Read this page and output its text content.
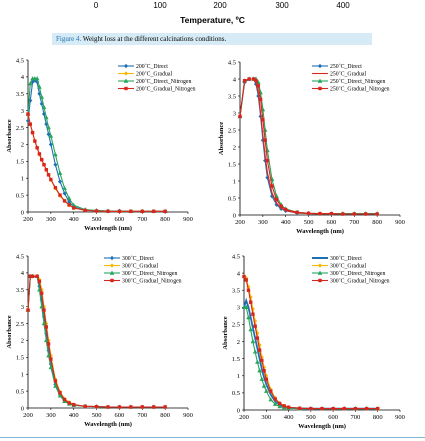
0	100	200	300	400
Temperature, ºC
Figure 4. Weight loss at the different calcinations conditions.
0
0.5
1
1.5
2
2.5
3
3.5
4
4.5
200 300 400 500 600 700 800 900
Wavelength (nm)
Absorbance
200˚C_Direct
200˚C_Gradual
200˚C_Direct_Nitrogen
200˚C_Gradual_Nitrogen
0
0.5
1
1.5
2
2.5
3
3.5
4
4.5
200 300 400 500 600 700 800 900
Wavelength (nm)
Absorbance
250˚C_Direct
250˚C_Gradual
250˚C_Direct_Nitrogen
250˚C_Gradual_Nitrogen
0
0.5
1
1.5
2
2.5
3
3.5
4
4.5
200 300 400 500 600 700 800 900
Wavelength (nm)
Absorbance
300˚C_Direct
300˚C_Gradual
300˚C_Direct_Nitrogen
300˚C_Gradual_Nitrogen
0
0.5
1
1.5
2
2.5
3
3.5
4
4.5
200 300 400 500 600 700 800 900
Wavelength (nm)
Absorbance
300˚C_Direct
300˚C_Gradual
300˚C_Direct_Nitrogen
300˚C_Gradual_Nitrogen
